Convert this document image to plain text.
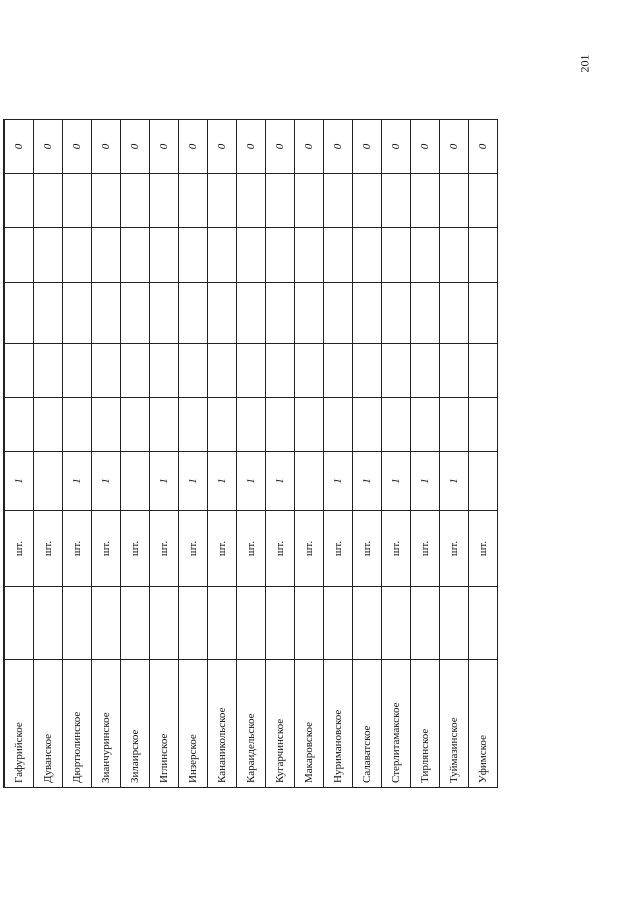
201
Гафурийское		шт.	1						0
Дуванское		шт.							0
Дюртюлинское		шт.	1						0
Зианчуринское		шт.	1						0
Зилаирское		шт.							0
Иглинское		шт.	1						0
Инзерское		шт.	1						0
Кананикольское		шт.	1						0
Караидельское		шт.	1						0
Кугарчинское		шт.	1						0
Макаровское		шт.							0
Нуримановское		шт.	1						0
Салаватское		шт.	1						0
Стерлитамакское		шт.	1						0
Тирлянское		шт.	1						0
Туймазинское		шт.	1						0
Уфимское		шт.							0
